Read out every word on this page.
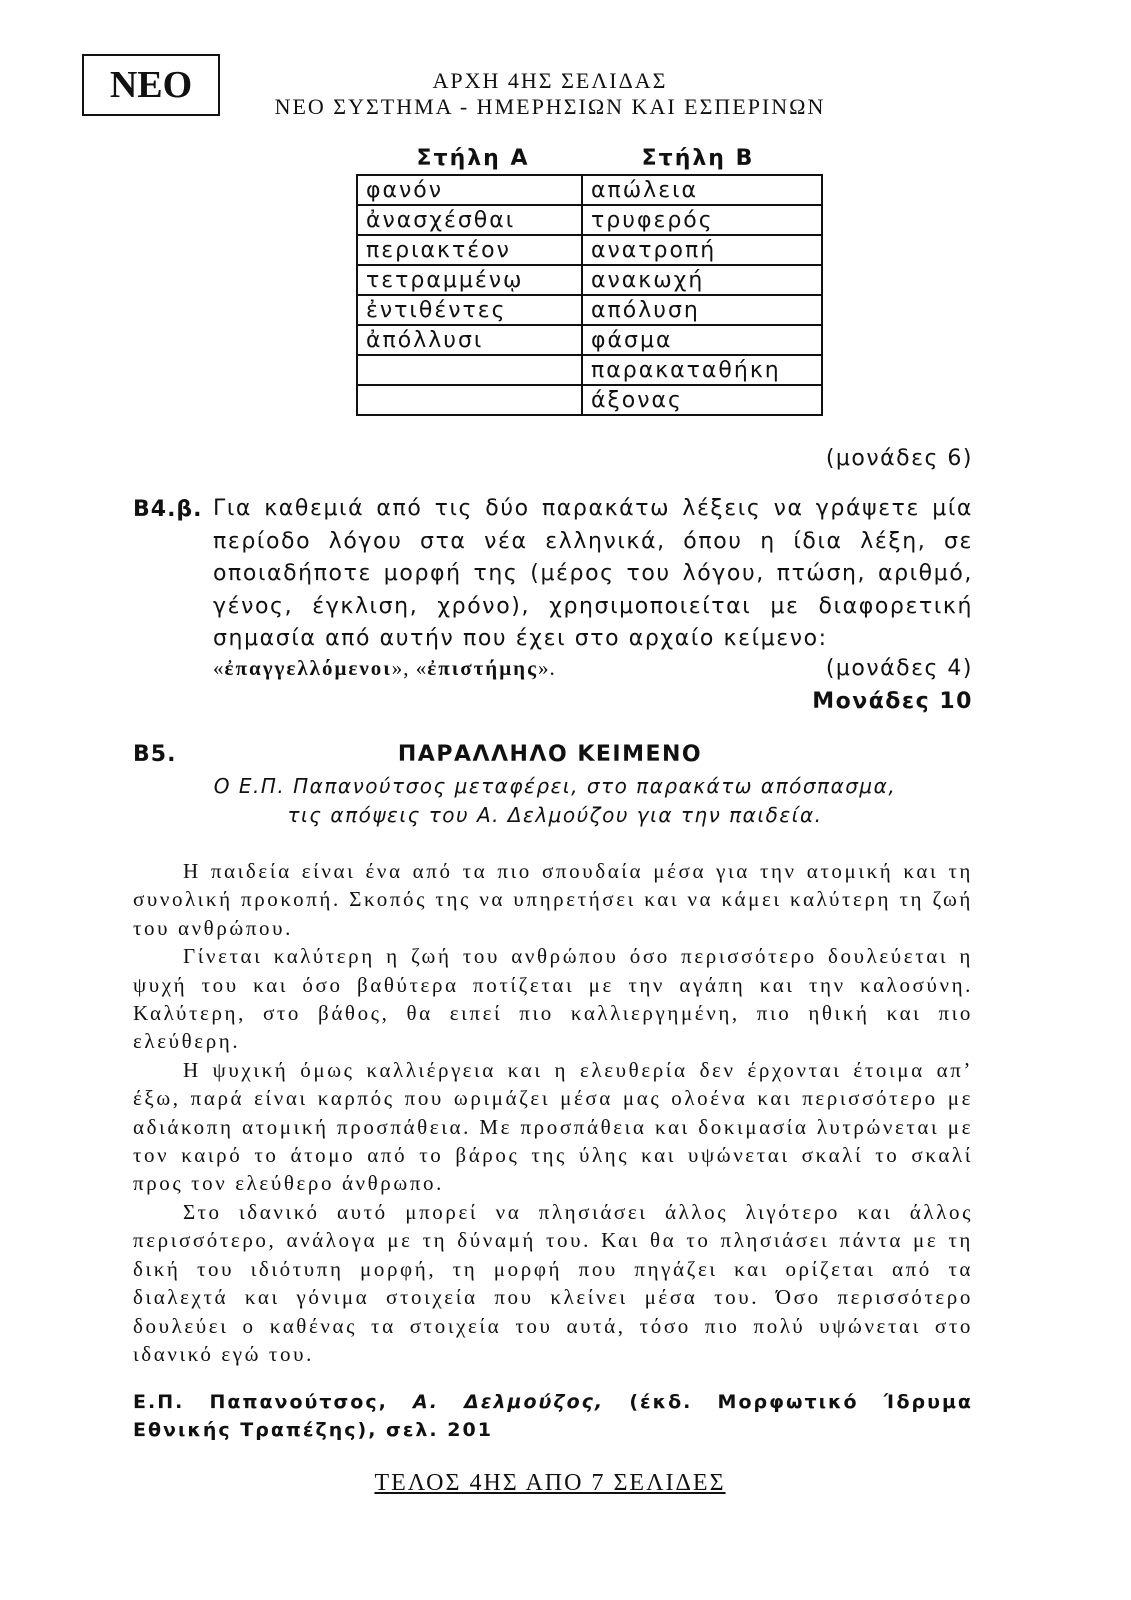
ΝΕΟ	ΑΡΧΗ 4ΗΣ ΣΕΛΙΔΑΣ
ΝΕΟ ΣΥΣΤΗΜΑ - ΗΜΕΡΗΣΙΩΝ ΚΑΙ ΕΣΠΕΡΙΝΩΝ
Στήλη Α	Στήλη Β
φανόν	απώλεια
ἀνασχέσθαι	τρυφερός
περιακτέον	ανατροπή
τετραμμένῳ	ανακωχή
ἐντιθέντες	απόλυση
ἀπόλλυσι	φάσμα
	παρακαταθήκη
	άξονας
(μονάδες 6)
Β4.β. Για καθεμιά από τις δύο παρακάτω λέξεις να γράψετε μία περίοδο λόγου στα νέα ελληνικά, όπου η ίδια λέξη, σε οποιαδήποτε μορφή της (μέρος του λόγου, πτώση, αριθμό, γένος, έγκλιση, χρόνο), χρησιμοποιείται με διαφορετική σημασία από αυτήν που έχει στο αρχαίο κείμενο:
«ἐπαγγελλόμενοι», «ἐπιστήμης».	(μονάδες 4)
Μονάδες 10
Β5.	ΠΑΡΑΛΛΗΛΟ ΚΕΙΜΕΝΟ
Ο Ε.Π. Παπανούτσος μεταφέρει, στο παρακάτω απόσπασμα,
τις απόψεις του Α. Δελμούζου για την παιδεία.

Η παιδεία είναι ένα από τα πιο σπουδαία μέσα για την ατομική και τη συνολική προκοπή. Σκοπός της να υπηρετήσει και να κάμει καλύτερη τη ζωή του ανθρώπου.

Γίνεται καλύτερη η ζωή του ανθρώπου όσο περισσότερο δουλεύεται η ψυχή του και όσο βαθύτερα ποτίζεται με την αγάπη και την καλοσύνη. Καλύτερη, στο βάθος, θα ειπεί πιο καλλιεργημένη, πιο ηθική και πιο ελεύθερη.

Η ψυχική όμως καλλιέργεια και η ελευθερία δεν έρχονται έτοιμα απ’ έξω, παρά είναι καρπός που ωριμάζει μέσα μας ολοένα και περισσότερο με αδιάκοπη ατομική προσπάθεια. Με προσπάθεια και δοκιμασία λυτρώνεται με τον καιρό το άτομο από το βάρος της ύλης και υψώνεται σκαλί το σκαλί προς τον ελεύθερο άνθρωπο.

Στο ιδανικό αυτό μπορεί να πλησιάσει άλλος λιγότερο και άλλος περισσότερο, ανάλογα με τη δύναμή του. Και θα το πλησιάσει πάντα με τη δική του ιδιότυπη μορφή, τη μορφή που πηγάζει και ορίζεται από τα διαλεχτά και γόνιμα στοιχεία που κλείνει μέσα του. Όσο περισσότερο δουλεύει ο καθένας τα στοιχεία του αυτά, τόσο πιο πολύ υψώνεται στο ιδανικό εγώ του.

Ε.Π. Παπανούτσος, Α. Δελμούζος, (έκδ. Μορφωτικό Ίδρυμα Εθνικής Τραπέζης), σελ. 201
ΤΕΛΟΣ 4ΗΣ ΑΠΟ 7 ΣΕΛΙΔΕΣ
